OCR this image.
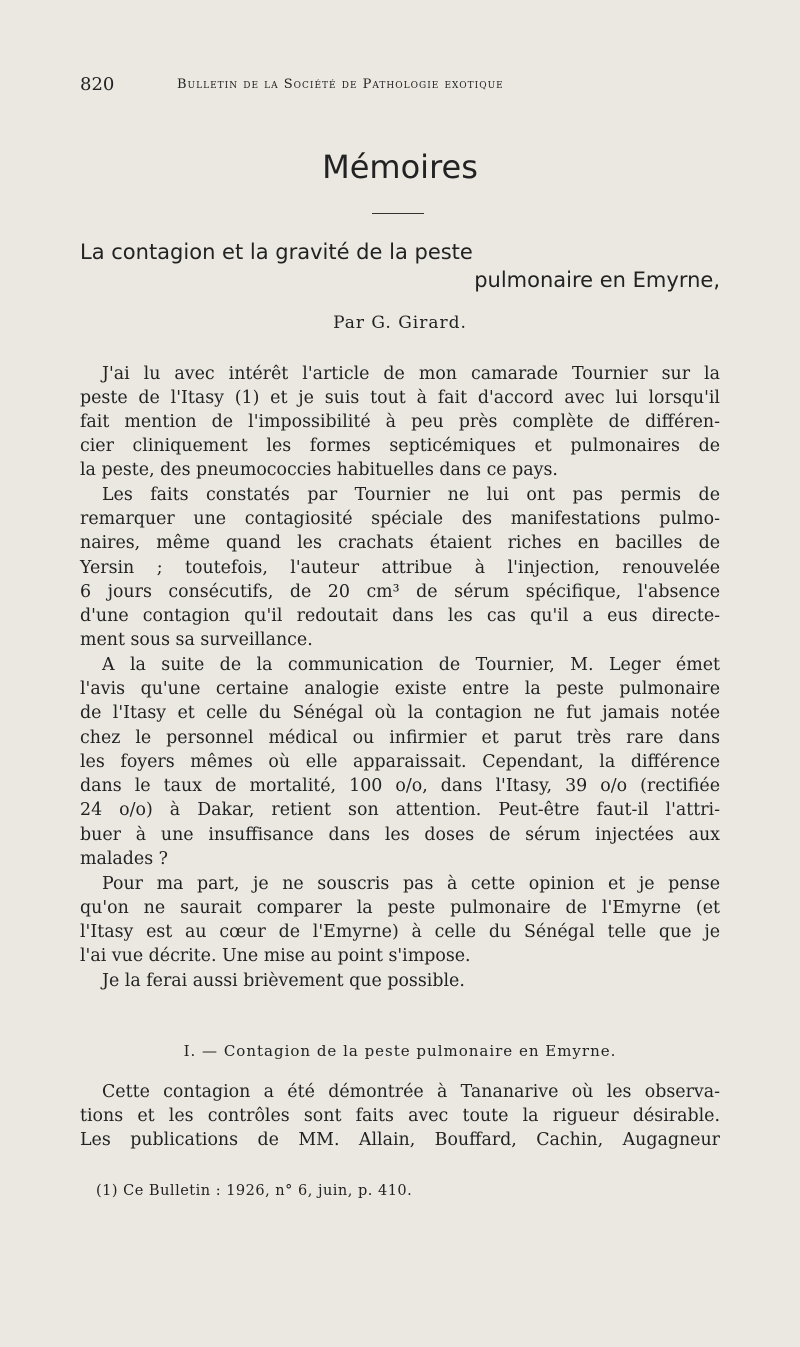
820	Bulletin de la Société de Pathologie exotique
Mémoires
La contagion et la gravité de la peste
pulmonaire en Emyrne,
Par G. Girard.
J'ai lu avec intérêt l'article de mon camarade Tournier sur la
peste de l'Itasy (1) et je suis tout à fait d'accord avec lui lorsqu'il
fait mention de l'impossibilité à peu près complète de différen-
cier cliniquement les formes septicémiques et pulmonaires de
la peste, des pneumococcies habituelles dans ce pays.
Les faits constatés par Tournier ne lui ont pas permis de
remarquer une contagiosité spéciale des manifestations pulmo-
naires, même quand les crachats étaient riches en bacilles de
Yersin ; toutefois, l'auteur attribue à l'injection, renouvelée
6 jours consécutifs, de 20 cm³ de sérum spécifique, l'absence
d'une contagion qu'il redoutait dans les cas qu'il a eus directe-
ment sous sa surveillance.
A la suite de la communication de Tournier, M. Leger émet
l'avis qu'une certaine analogie existe entre la peste pulmonaire
de l'Itasy et celle du Sénégal où la contagion ne fut jamais notée
chez le personnel médical ou infirmier et parut très rare dans
les foyers mêmes où elle apparaissait. Cependant, la différence
dans le taux de mortalité, 100 o/o, dans l'Itasy, 39 o/o (rectifiée
24 o/o) à Dakar, retient son attention. Peut-être faut-il l'attri-
buer à une insuffisance dans les doses de sérum injectées aux
malades ?
Pour ma part, je ne souscris pas à cette opinion et je pense
qu'on ne saurait comparer la peste pulmonaire de l'Emyrne (et
l'Itasy est au cœur de l'Emyrne) à celle du Sénégal telle que je
l'ai vue décrite. Une mise au point s'impose.
Je la ferai aussi brièvement que possible.
I. — Contagion de la peste pulmonaire en Emyrne.
Cette contagion a été démontrée à Tananarive où les observa-
tions et les contrôles sont faits avec toute la rigueur désirable.
Les publications de MM. Allain, Bouffard, Cachin, Augagneur
(1) Ce Bulletin : 1926, n° 6, juin, p. 410.
